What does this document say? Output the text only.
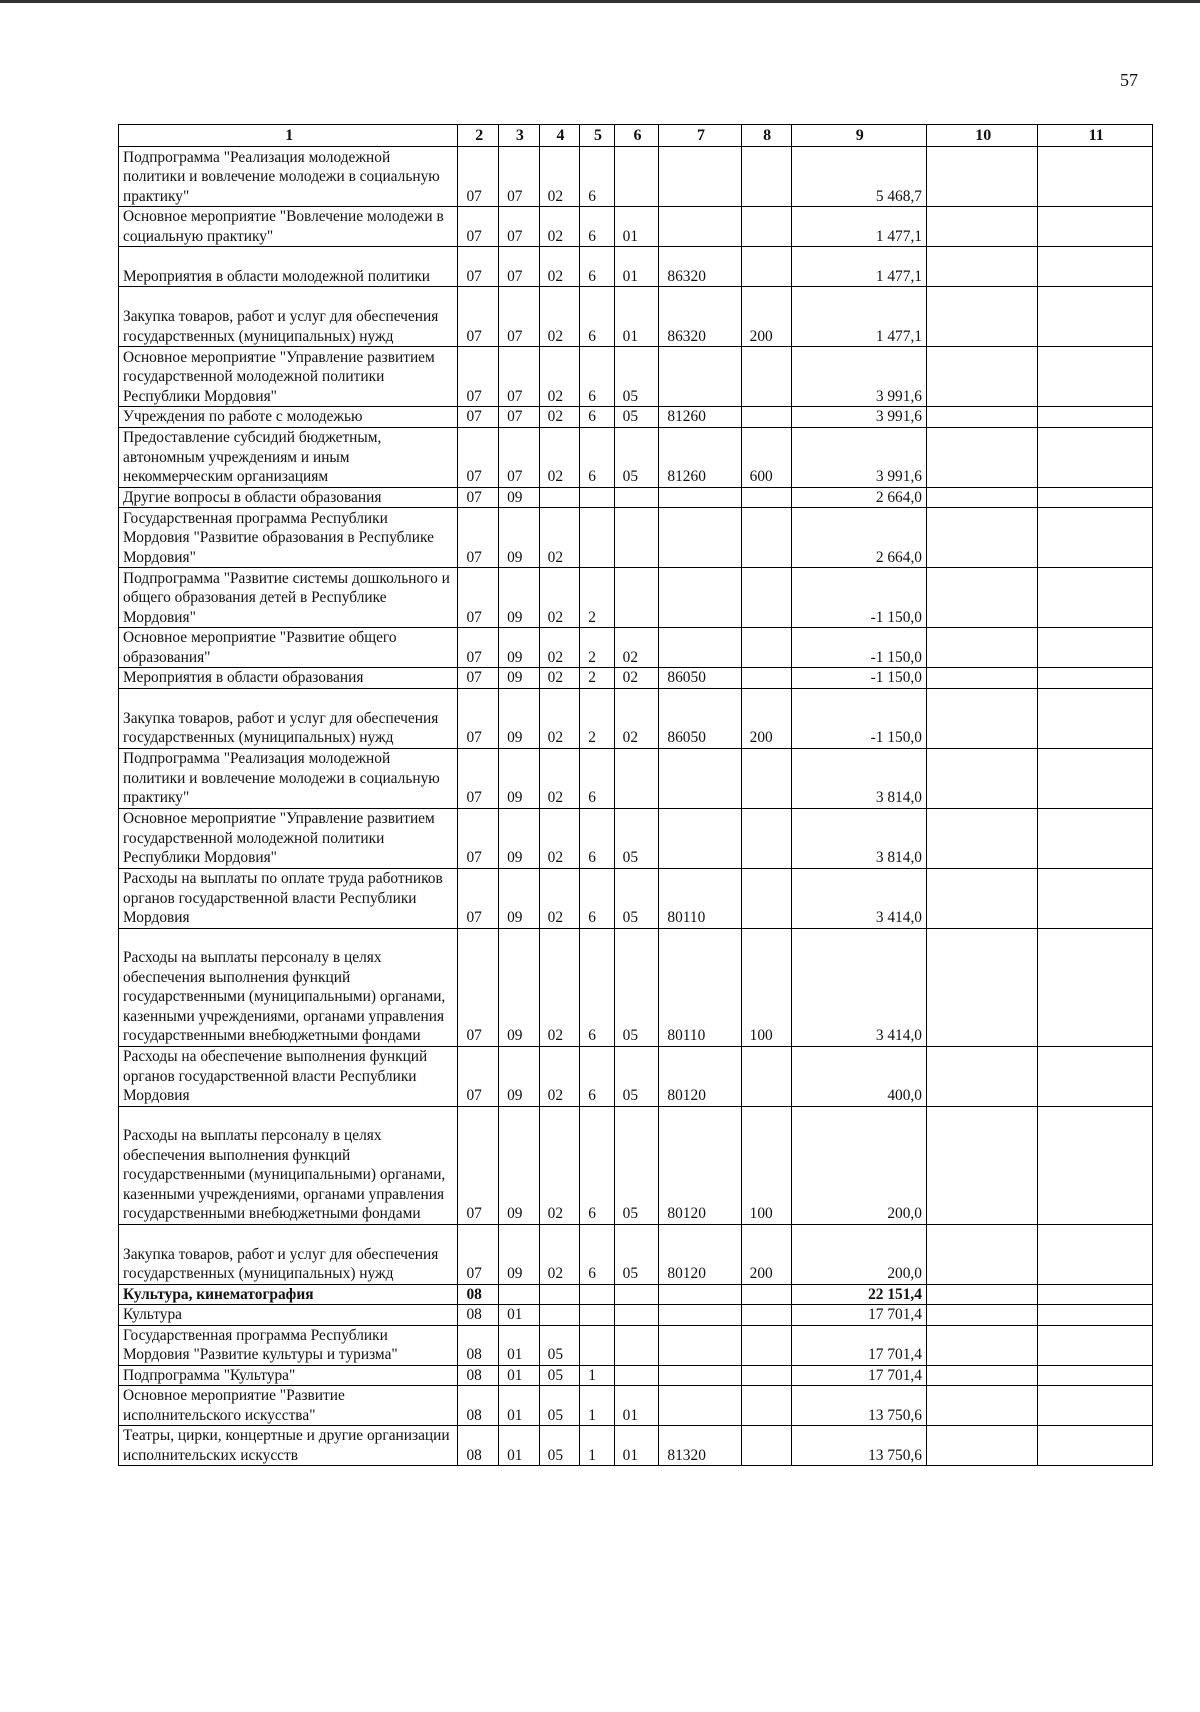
57
1	2	3	4	5	6	7	8	9	10	11
Подпрограмма "Реализация молодежной политики и вовлечение молодежи в социальную практику"	07	07	02	6				5 468,7		
Основное мероприятие "Вовлечение молодежи в социальную практику"	07	07	02	6	01			1 477,1		
Мероприятия в области молодежной политики	07	07	02	6	01	86320		1 477,1		
Закупка товаров, работ и услуг для обеспечения государственных (муниципальных) нужд	07	07	02	6	01	86320	200	1 477,1		
Основное мероприятие "Управление развитием государственной молодежной политики Республики Мордовия"	07	07	02	6	05			3 991,6		
Учреждения по работе с молодежью	07	07	02	6	05	81260		3 991,6		
Предоставление субсидий бюджетным, автономным учреждениям и иным некоммерческим организациям	07	07	02	6	05	81260	600	3 991,6		
Другие вопросы в области образования	07	09						2 664,0		
Государственная программа Республики Мордовия "Развитие образования в Республике Мордовия"	07	09	02					2 664,0		
Подпрограмма "Развитие системы дошкольного и общего образования детей в Республике Мордовия"	07	09	02	2				-1 150,0		
Основное мероприятие "Развитие общего образования"	07	09	02	2	02			-1 150,0		
Мероприятия в области образования	07	09	02	2	02	86050		-1 150,0		
Закупка товаров, работ и услуг для обеспечения государственных (муниципальных) нужд	07	09	02	2	02	86050	200	-1 150,0		
Подпрограмма "Реализация молодежной политики и вовлечение молодежи в социальную практику"	07	09	02	6				3 814,0		
Основное мероприятие "Управление развитием государственной молодежной политики Республики Мордовия"	07	09	02	6	05			3 814,0		
Расходы на выплаты по оплате труда работников органов государственной власти Республики Мордовия	07	09	02	6	05	80110		3 414,0		
Расходы на выплаты персоналу в целях обеспечения выполнения функций государственными (муниципальными) органами, казенными учреждениями, органами управления государственными внебюджетными фондами	07	09	02	6	05	80110	100	3 414,0		
Расходы на обеспечение выполнения функций органов государственной власти Республики Мордовия	07	09	02	6	05	80120		400,0		
Расходы на выплаты персоналу в целях обеспечения выполнения функций государственными (муниципальными) органами, казенными учреждениями, органами управления государственными внебюджетными фондами	07	09	02	6	05	80120	100	200,0		
Закупка товаров, работ и услуг для обеспечения государственных (муниципальных) нужд	07	09	02	6	05	80120	200	200,0		
Культура, кинематография	08							22 151,4		
Культура	08	01						17 701,4		
Государственная программа Республики Мордовия "Развитие культуры и туризма"	08	01	05					17 701,4		
Подпрограмма "Культура"	08	01	05	1				17 701,4		
Основное мероприятие "Развитие исполнительского искусства"	08	01	05	1	01			13 750,6		
Театры, цирки, концертные и другие организации исполнительских искусств	08	01	05	1	01	81320		13 750,6		
